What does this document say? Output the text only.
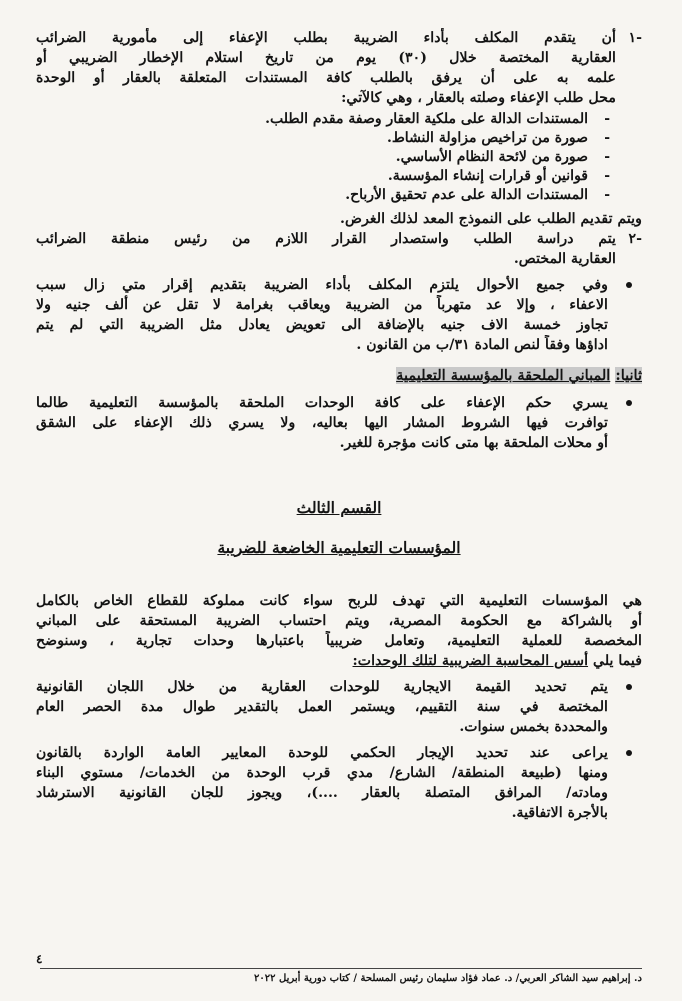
-١
أن يتقدم المكلف بأداء الضريبة بطلب الإعفاء إلى مأمورية الضرائب
العقارية المختصة خلال (٣٠) يوم من تاريخ استلام الإخطار الضريبي أو
علمه به على أن يرفق بالطلب كافة المستندات المتعلقة بالعقار أو الوحدة
محل طلب الإعفاء وصلته بالعقار ، وهي كالآتي:
-
المستندات الدالة على ملكية العقار وصفة مقدم الطلب.
-
صورة من تراخيص مزاولة النشاط.
-
صورة من لائحة النظام الأساسي.
-
قوانين أو قرارات إنشاء المؤسسة.
-
المستندات الدالة على عدم تحقيق الأرباح.
ويتم تقديم الطلب على النموذج المعد لذلك الغرض.
-٢
يتم دراسة الطلب واستصدار القرار اللازم من رئيس منطقة الضرائب
العقارية المختص.
وفي جميع الأحوال يلتزم المكلف بأداء الضريبة بتقديم إقرار متي زال سبب
الاعفاء ، وإلا عد متهرباً من الضريبة ويعاقب بغرامة لا تقل عن ألف جنيه ولا
تجاوز خمسة الاف جنيه بالإضافة الى تعويض يعادل مثل الضريبة التي لم يتم
اداؤها وفقاً لنص المادة ٣١/ب من القانون .
ثانيا: المباني الملحقة بالمؤسسة التعليمية
يسري حكم الإعفاء على كافة الوحدات الملحقة بالمؤسسة التعليمية طالما
توافرت فيها الشروط المشار اليها بعاليه، ولا يسري ذلك الإعفاء على الشقق
أو محلات الملحقة بها متى كانت مؤجرة للغير.
القسم الثالث
المؤسسات التعليمية الخاضعة للضريبة
هي المؤسسات التعليمية التي تهدف للربح سواء كانت مملوكة للقطاع الخاص بالكامل
أو بالشراكة مع الحكومة المصرية، ويتم احتساب الضريبة المستحقة على المباني
المخصصة للعملية التعليمية، وتعامل ضريبياً باعتبارها وحدات تجارية ، وسنوضح
فيما يلي أسس المحاسبة الضريبية لتلك الوحدات:
يتم تحديد القيمة الايجارية للوحدات العقارية من خلال اللجان القانونية
المختصة في سنة التقييم، ويستمر العمل بالتقدير طوال مدة الحصر العام
والمحددة بخمس سنوات.
يراعى عند تحديد الإيجار الحكمي للوحدة المعايير العامة الواردة بالقانون
ومنها (طبيعة المنطقة/ الشارع/ مدي قرب الوحدة من الخدمات/ مستوي البناء
ومادته/ المرافق المتصلة بالعقار ....)، ويجوز للجان القانونية الاسترشاد
بالأجرة الاتفاقية.
٤
د. إبراهيم سيد الشاكر العربي/ د. عماد فؤاد سليمان رئيس المسلحة / كتاب دورية أبريل ٢٠٢٢
